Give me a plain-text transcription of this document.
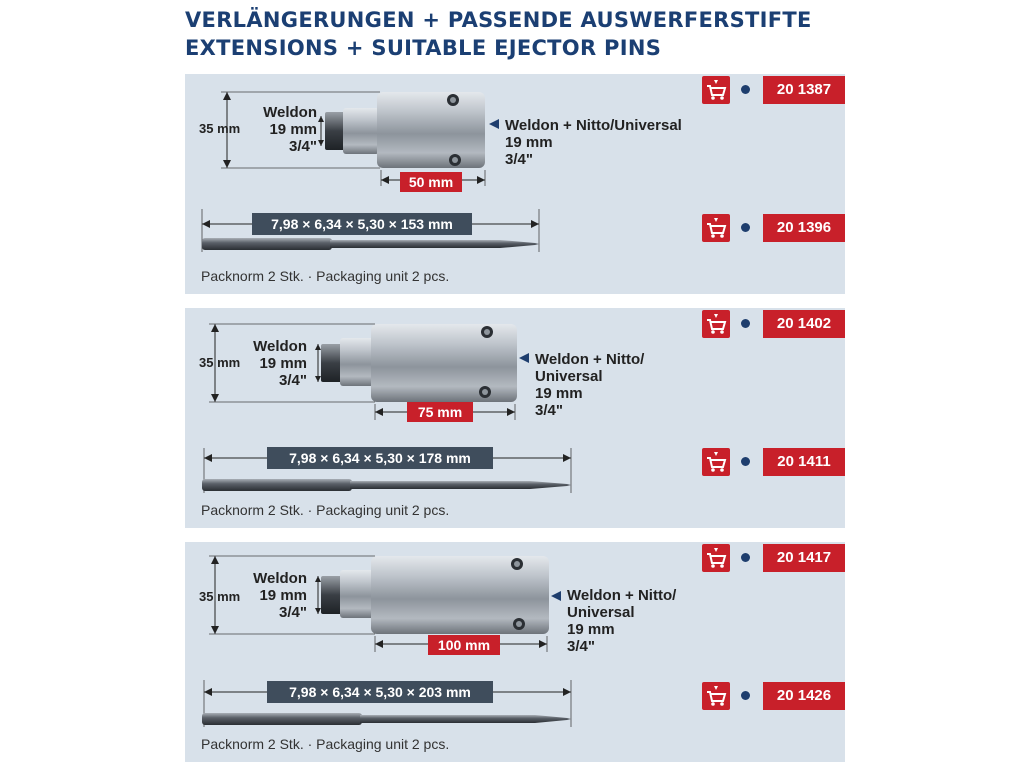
VERLÄNGERUNGEN + PASSENDE AUSWERFERSTIFTE
EXTENSIONS + SUITABLE EJECTOR PINS
35 mm
Weldon
19 mm
3/4"
50 mm
Weldon + Nitto/Universal
19 mm
3/4"
7,98 × 6,34 × 5,30 × 153 mm
Packnorm 2 Stk. · Packaging unit 2 pcs.
20 1387
20 1396
35 mm
Weldon
19 mm
3/4"
75 mm
Weldon + Nitto/
Universal
19 mm
3/4"
7,98 × 6,34 × 5,30 × 178 mm
Packnorm 2 Stk. · Packaging unit 2 pcs.
20 1402
20 1411
35 mm
Weldon
19 mm
3/4"
100 mm
Weldon + Nitto/
Universal
19 mm
3/4"
7,98 × 6,34 × 5,30 × 203 mm
Packnorm 2 Stk. · Packaging unit 2 pcs.
20 1417
20 1426
